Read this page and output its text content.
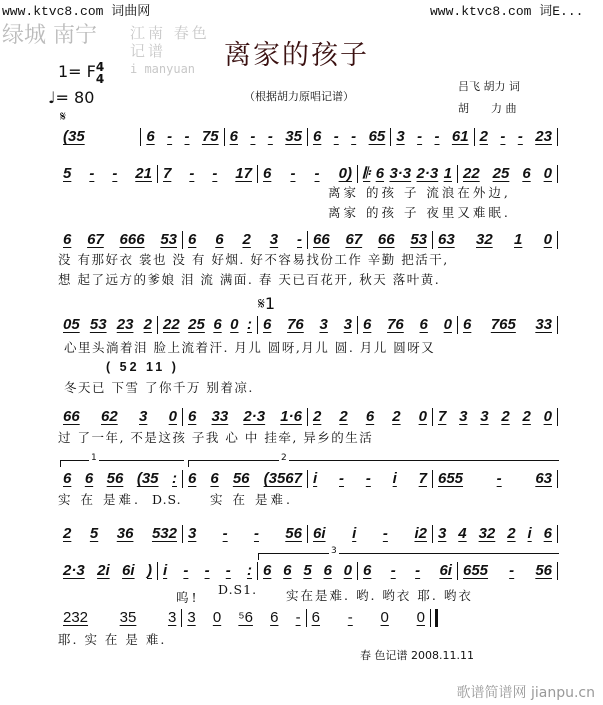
www.ktvc8.com 词曲网	www.ktvc8.com 词E...
绿城 南宁 江南 春色记谱
i manyuan 离家的孩子
（根据胡力原唱记谱）
1= F4
4
♩= 80
𝄋
吕飞 胡力 词
胡　　力 曲
(35	6 - - 75 6 - - 35 6 - - 65 3 - - 61 2 - - 23
5 - - 21 7 - - 17 6 - - 0) 𝄆 6 3·3 2·3 1 22 25 6 0
6 67 666 53 6 6 2 3 - 66 67 66 53 63 32 1 0
05 53 23 2 22 25 6 0 : 6 76 3 3 6 76 6 0 6 765 33
66 62 3 0 6 33 2·3 1·6 2 2 6 2 0 7 3 3 2 2 0
6 6 56 (35 : 6 6 56 (3567 i - - i 7 655 - 63
2 5 36 532 3 - - 56 6i i - i2 3 4 32 2 i 6
2·3 2i 6i ) i - - - : 6 6 5 6 0 6 - - 6i 655 - 56
232 35 3 3 0 ⁵6 6 - 6 - 0 0
𝄋1
离家 的孩 子 流浪在外边,
离家 的孩 子 夜里又难眠.
没 有那好衣 裳也 没 有 好烟. 好不容易找份工作 辛勤 把活干,
想 起了远方的爹娘 泪 流 满面. 春 天已百花开, 秋天 落叶黄.
心里头淌着泪 脸上流着汗. 月儿 圆呀,月儿 圆. 月儿 圆呀又
( 52 11 )
冬天已 下雪 了你千万 别着凉.
过 了一年, 不是这孩 子我 心 中 挂牵, 异乡的生活
实 在 是难. D.S. 实 在 是难.
呜!
D.S1. 实在是难. 哟. 哟衣 耶. 哟衣
耶. 实 在 是 难.
1	2
3
春 色记谱 2008.11.11
歌谱简谱网 jianpu.cn
